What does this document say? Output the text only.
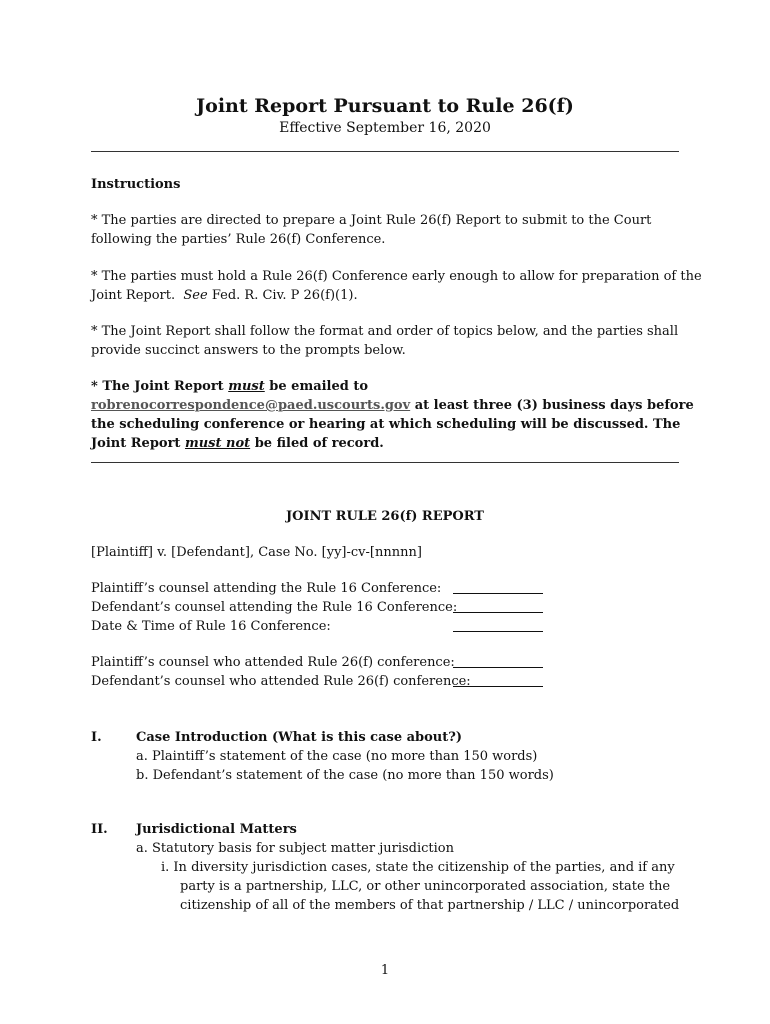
Joint Report Pursuant to Rule 26(f)
Effective September 16, 2020
Instructions
* The parties are directed to prepare a Joint Rule 26(f) Report to submit to the Court
following the parties’ Rule 26(f) Conference.
* The parties must hold a Rule 26(f) Conference early enough to allow for preparation of the
Joint Report. See Fed. R. Civ. P 26(f)(1).
* The Joint Report shall follow the format and order of topics below, and the parties shall
provide succinct answers to the prompts below.
* The Joint Report must be emailed to
robrenocorrespondence@paed.uscourts.gov at least three (3) business days before
the scheduling conference or hearing at which scheduling will be discussed. The
Joint Report must not be filed of record.
JOINT RULE 26(f) REPORT
[Plaintiff] v. [Defendant], Case No. [yy]-cv-[nnnnn]
Plaintiff’s counsel attending the Rule 16 Conference:
Defendant’s counsel attending the Rule 16 Conference:
Date & Time of Rule 16 Conference:
Plaintiff’s counsel who attended Rule 26(f) conference:
Defendant’s counsel who attended Rule 26(f) conference:
I.	Case Introduction (What is this case about?)
a. Plaintiff’s statement of the case (no more than 150 words)
b. Defendant’s statement of the case (no more than 150 words)
II. Jurisdictional Matters
a. Statutory basis for subject matter jurisdiction
i. In diversity jurisdiction cases, state the citizenship of the parties, and if any
party is a partnership, LLC, or other unincorporated association, state the
citizenship of all of the members of that partnership / LLC / unincorporated
1
